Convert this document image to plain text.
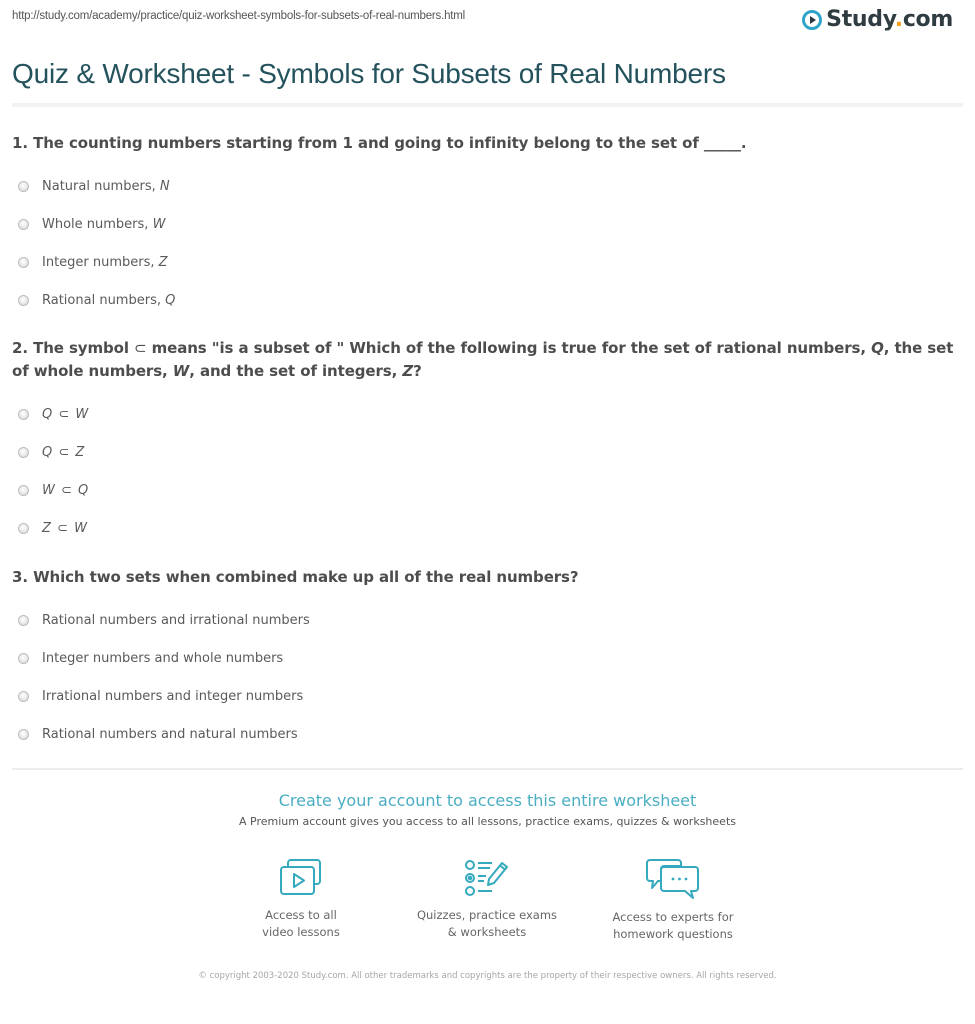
http://study.com/academy/practice/quiz-worksheet-symbols-for-subsets-of-real-numbers.html	Study.com
Quiz & Worksheet - Symbols for Subsets of Real Numbers

1. The counting numbers starting from 1 and going to infinity belong to the set of _____.

Natural numbers, N
Whole numbers, W
Integer numbers, Z
Rational numbers, Q

2. The symbol ⊂ means "is a subset of " Which of the following is true for the set of rational numbers, Q, the set of whole numbers, W, and the set of integers, Z?

Q ⊂ W
Q ⊂ Z
W ⊂ Q
Z ⊂ W

3. Which two sets when combined make up all of the real numbers?

Rational numbers and irrational numbers
Integer numbers and whole numbers
Irrational numbers and integer numbers
Rational numbers and natural numbers

Create your account to access this entire worksheet

A Premium account gives you access to all lessons, practice exams, quizzes & worksheets
Access to all
video lessons
Quizzes, practice exams
& worksheets
Access to experts for
homework questions
© copyright 2003-2020 Study.com. All other trademarks and copyrights are the property of their respective owners. All rights reserved.
